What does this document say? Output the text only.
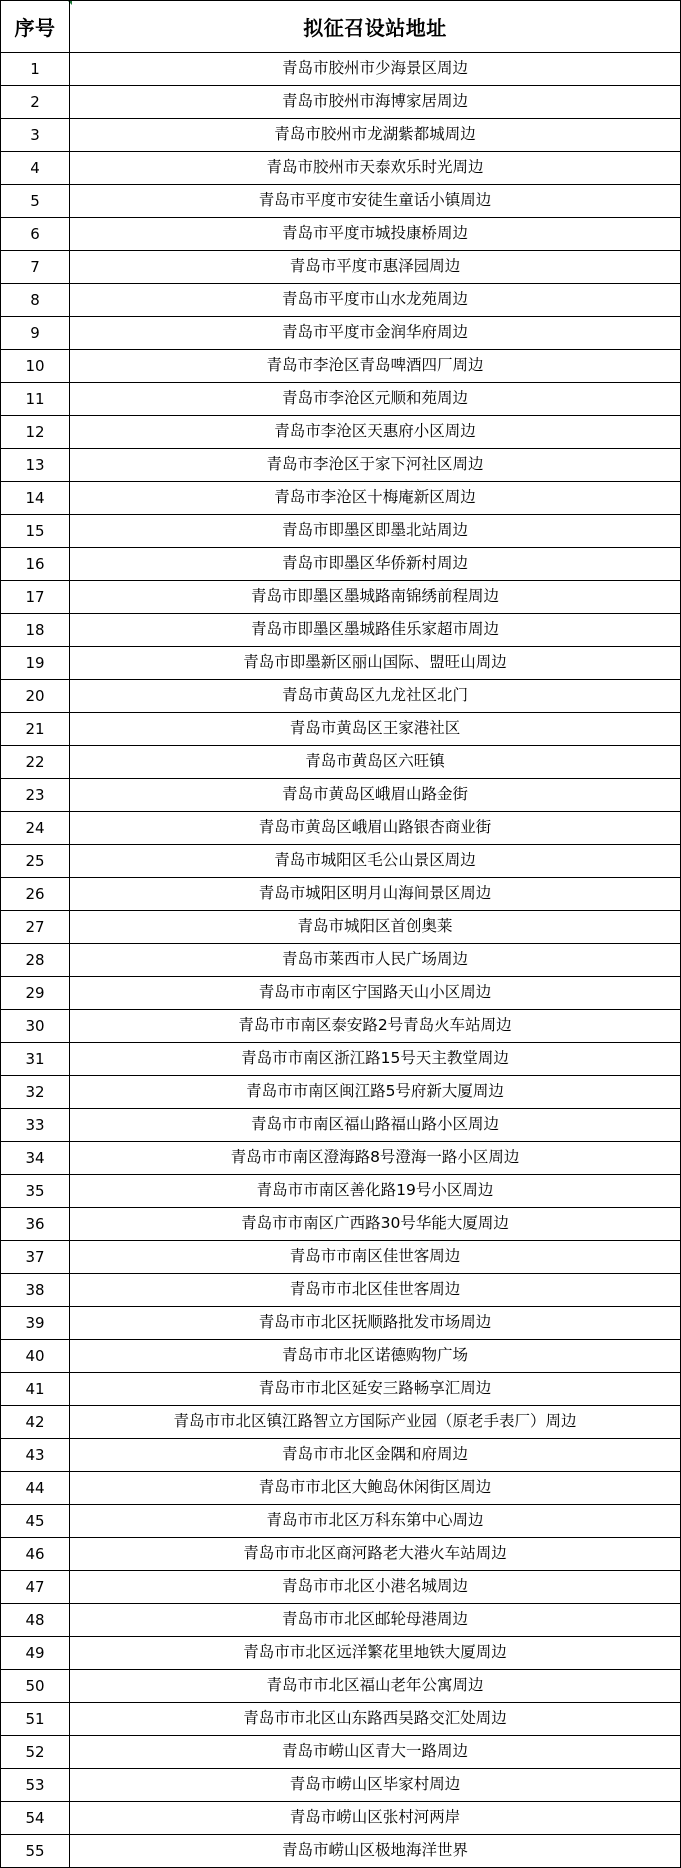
序号	拟征召设站地址
1	青岛市胶州市少海景区周边
2	青岛市胶州市海博家居周边
3	青岛市胶州市龙湖紫都城周边
4	青岛市胶州市天泰欢乐时光周边
5	青岛市平度市安徒生童话小镇周边
6	青岛市平度市城投康桥周边
7	青岛市平度市惠泽园周边
8	青岛市平度市山水龙苑周边
9	青岛市平度市金润华府周边
10	青岛市李沧区青岛啤酒四厂周边
11	青岛市李沧区元顺和苑周边
12	青岛市李沧区天惠府小区周边
13	青岛市李沧区于家下河社区周边
14	青岛市李沧区十梅庵新区周边
15	青岛市即墨区即墨北站周边
16	青岛市即墨区华侨新村周边
17	青岛市即墨区墨城路南锦绣前程周边
18	青岛市即墨区墨城路佳乐家超市周边
19	青岛市即墨新区丽山国际、盟旺山周边
20	青岛市黄岛区九龙社区北门
21	青岛市黄岛区王家港社区
22	青岛市黄岛区六旺镇
23	青岛市黄岛区峨眉山路金街
24	青岛市黄岛区峨眉山路银杏商业街
25	青岛市城阳区毛公山景区周边
26	青岛市城阳区明月山海间景区周边
27	青岛市城阳区首创奥莱
28	青岛市莱西市人民广场周边
29	青岛市市南区宁国路天山小区周边
30	青岛市市南区泰安路2号青岛火车站周边
31	青岛市市南区浙江路15号天主教堂周边
32	青岛市市南区闽江路5号府新大厦周边
33	青岛市市南区福山路福山路小区周边
34	青岛市市南区澄海路8号澄海一路小区周边
35	青岛市市南区善化路19号小区周边
36	青岛市市南区广西路30号华能大厦周边
37	青岛市市南区佳世客周边
38	青岛市市北区佳世客周边
39	青岛市市北区抚顺路批发市场周边
40	青岛市市北区诺德购物广场
41	青岛市市北区延安三路畅享汇周边
42	青岛市市北区镇江路智立方国际产业园（原老手表厂）周边
43	青岛市市北区金隅和府周边
44	青岛市市北区大鲍岛休闲街区周边
45	青岛市市北区万科东第中心周边
46	青岛市市北区商河路老大港火车站周边
47	青岛市市北区小港名城周边
48	青岛市市北区邮轮母港周边
49	青岛市市北区远洋繁花里地铁大厦周边
50	青岛市市北区福山老年公寓周边
51	青岛市市北区山东路西吴路交汇处周边
52	青岛市崂山区青大一路周边
53	青岛市崂山区毕家村周边
54	青岛市崂山区张村河两岸
55	青岛市崂山区极地海洋世界
